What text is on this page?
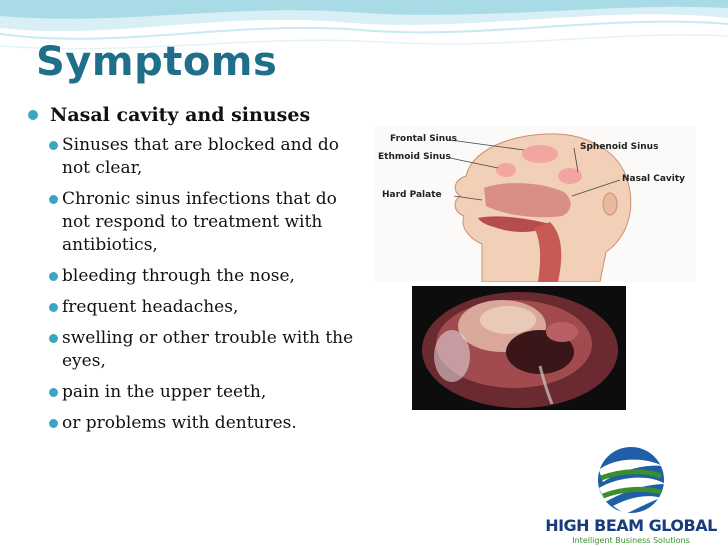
Symptoms
Nasal cavity and sinuses
Sinuses that are blocked and do not clear,
Chronic sinus infections that do not respond to treatment with antibiotics,
bleeding through the nose,
frequent headaches,
swelling or other trouble with the eyes,
pain in the upper teeth,
or problems with dentures.
Frontal Sinus
Ethmoid Sinus
Hard Palate
Sphenoid Sinus
Nasal Cavity
HIGH BEAM GLOBAL
Intelligent Business Solutions
